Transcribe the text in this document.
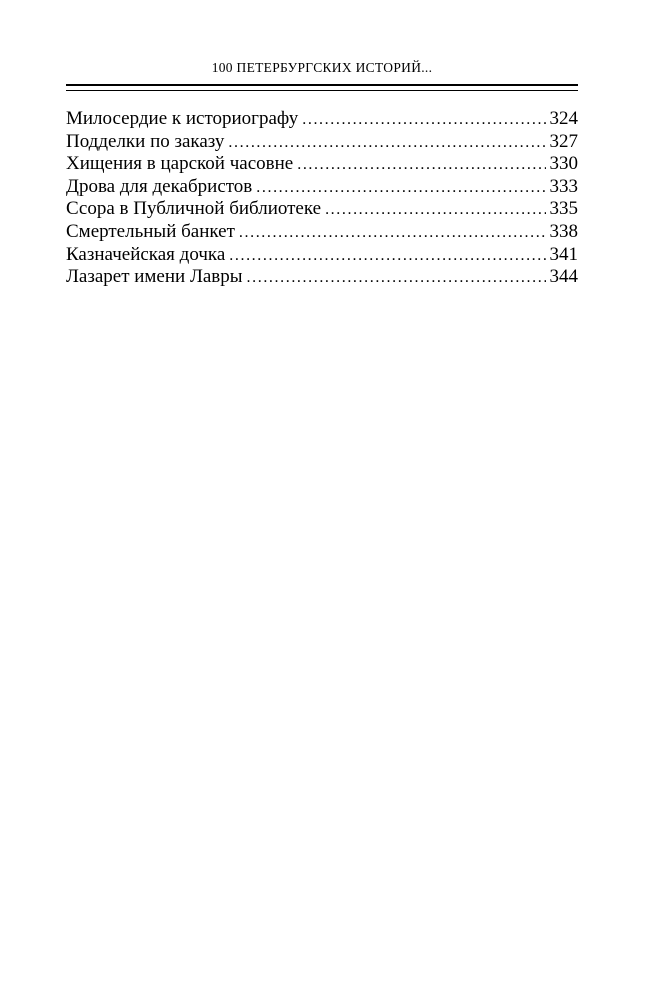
100 ПЕТЕРБУРГСКИХ ИСТОРИЙ...
Милосердие к историографу . . .	324
Подделки по заказу . . .	327
Хищения в царской часовне . . .	330
Дрова для декабристов . . .	333
Ссора в Публичной библиотеке . . .	335
Смертельный банкет . . .	338
Казначейская дочка . . .	341
Лазарет имени Лавры . . .	344
